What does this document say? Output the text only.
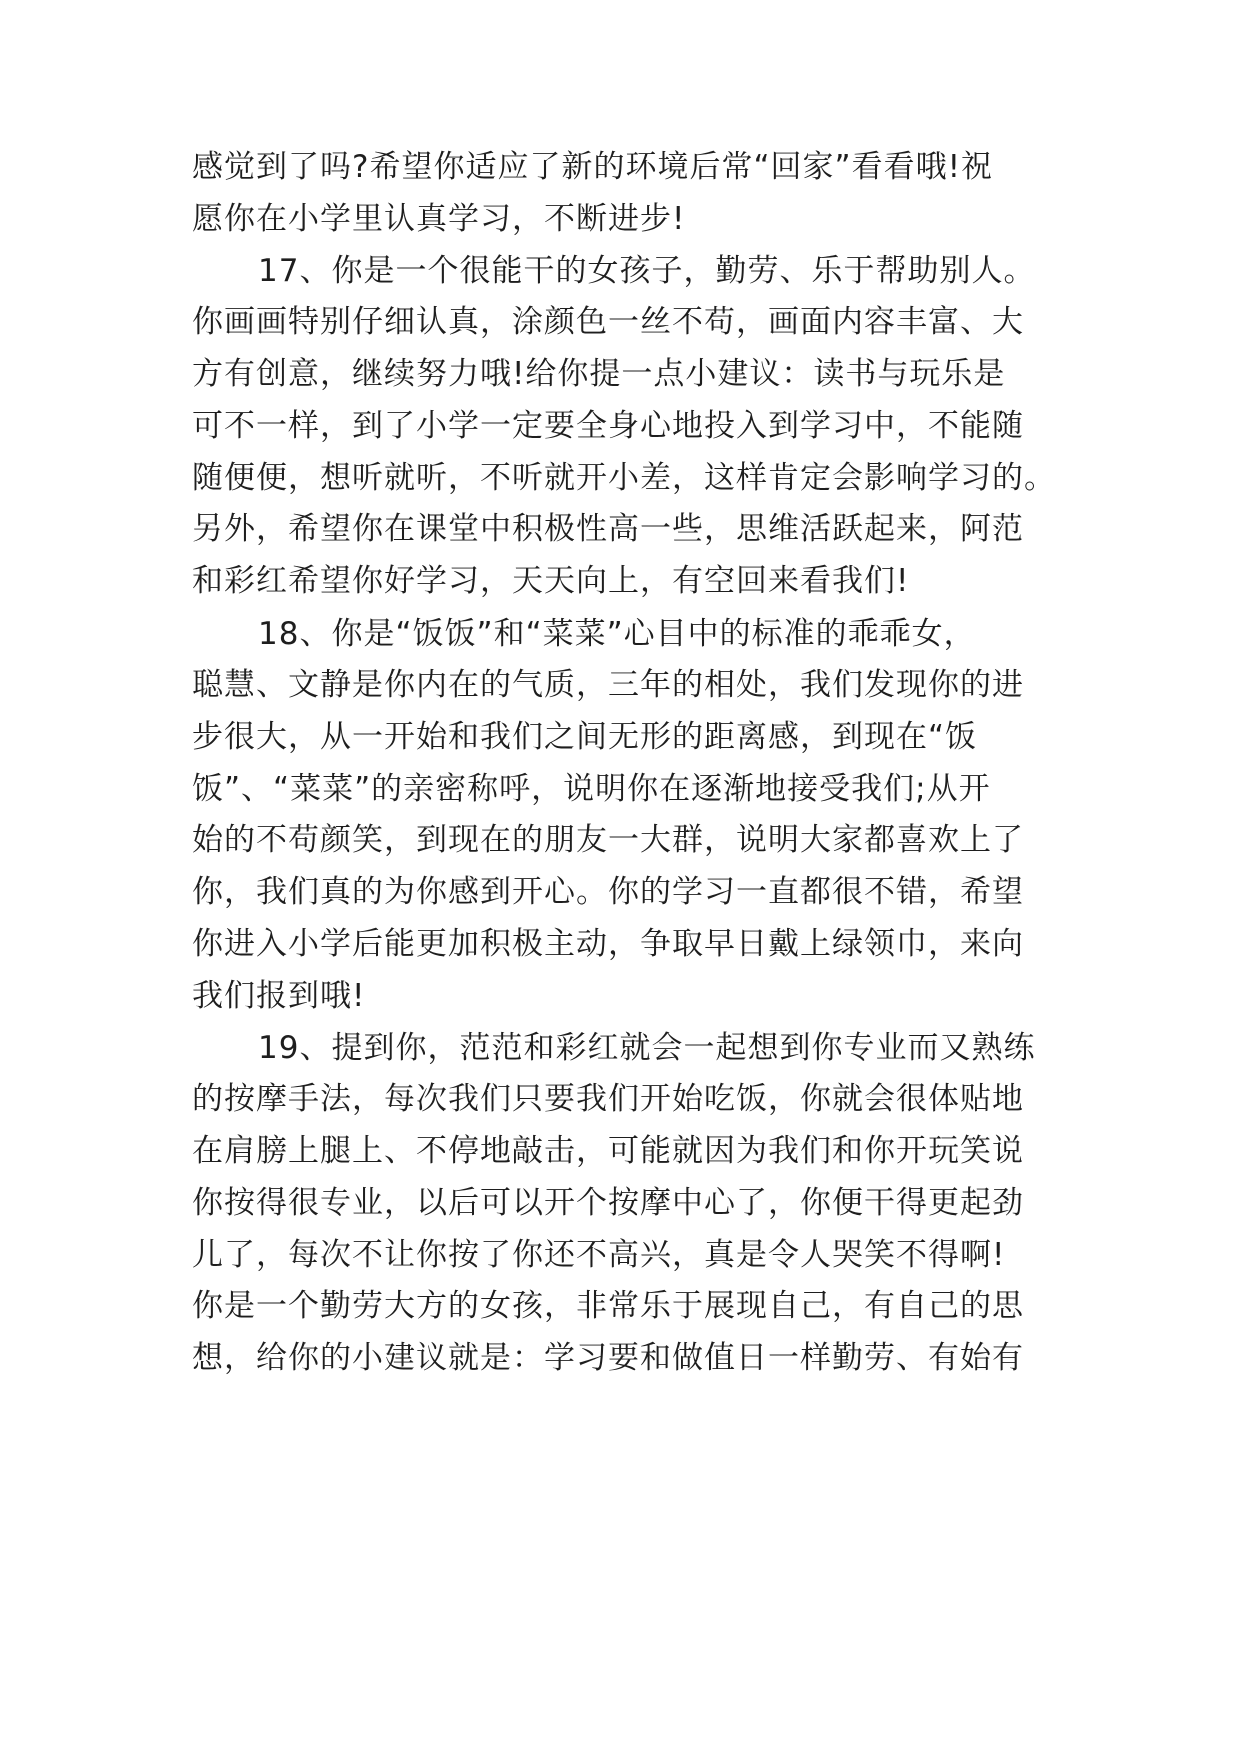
感觉到了吗?希望你适应了新的环境后常“回家”看看哦!祝
愿你在小学里认真学习，不断进步!
17、你是一个很能干的女孩子，勤劳、乐于帮助别人。
你画画特别仔细认真，涂颜色一丝不苟，画面内容丰富、大
方有创意，继续努力哦!给你提一点小建议：读书与玩乐是
可不一样，到了小学一定要全身心地投入到学习中，不能随
随便便，想听就听，不听就开小差，这样肯定会影响学习的。
另外，希望你在课堂中积极性高一些，思维活跃起来，阿范
和彩红希望你好学习，天天向上，有空回来看我们!
18、你是“饭饭”和“菜菜”心目中的标准的乖乖女，
聪慧、文静是你内在的气质，三年的相处，我们发现你的进
步很大，从一开始和我们之间无形的距离感，到现在“饭
饭”、“菜菜”的亲密称呼，说明你在逐渐地接受我们;从开
始的不苟颜笑，到现在的朋友一大群，说明大家都喜欢上了
你，我们真的为你感到开心。你的学习一直都很不错，希望
你进入小学后能更加积极主动，争取早日戴上绿领巾，来向
我们报到哦!
19、提到你，范范和彩红就会一起想到你专业而又熟练
的按摩手法，每次我们只要我们开始吃饭，你就会很体贴地
在肩膀上腿上、不停地敲击，可能就因为我们和你开玩笑说
你按得很专业，以后可以开个按摩中心了，你便干得更起劲
儿了，每次不让你按了你还不高兴，真是令人哭笑不得啊!
你是一个勤劳大方的女孩，非常乐于展现自己，有自己的思
想，给你的小建议就是：学习要和做值日一样勤劳、有始有
